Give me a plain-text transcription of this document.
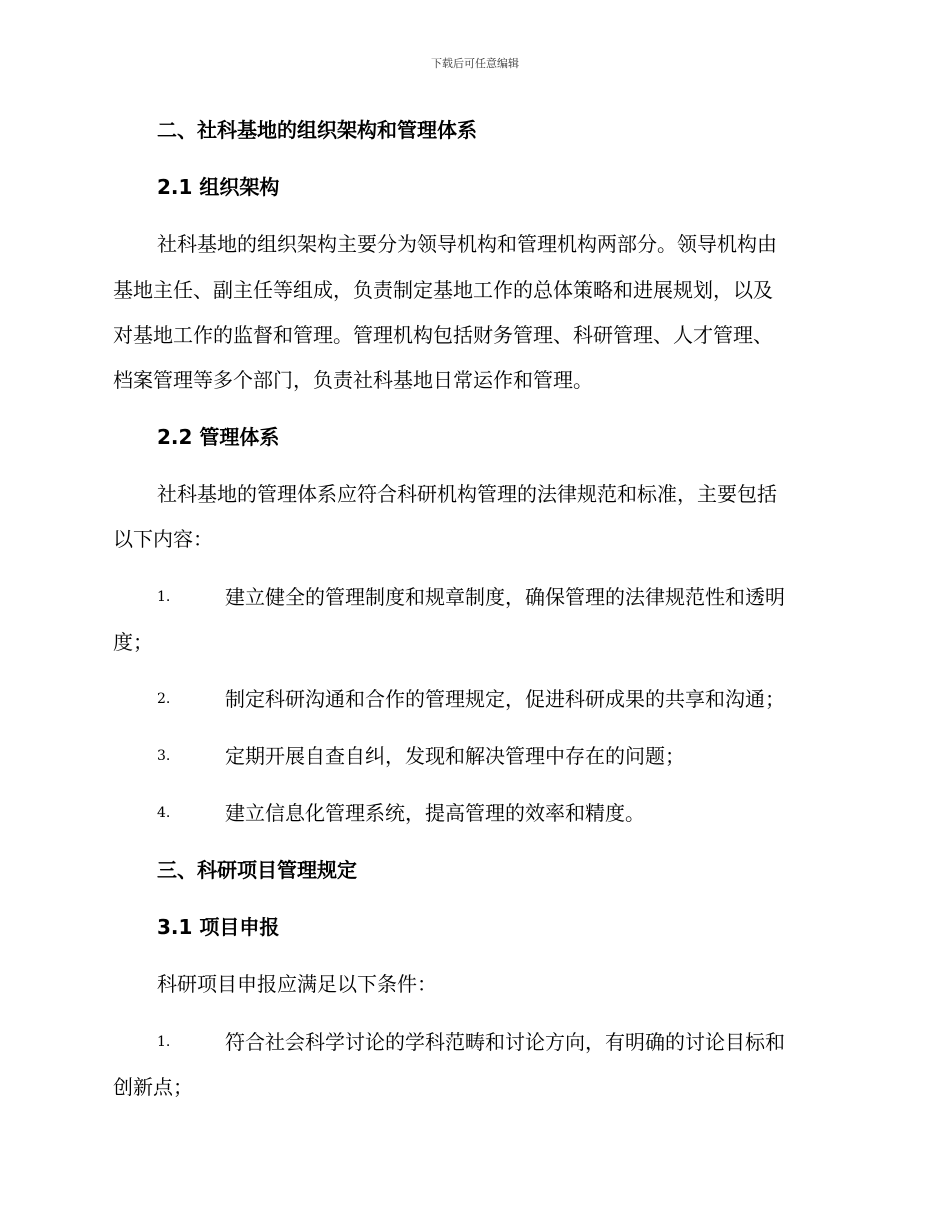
下载后可任意编辑
二、社科基地的组织架构和管理体系
2.1 组织架构
社科基地的组织架构主要分为领导机构和管理机构两部分。领导机构由
基地主任、副主任等组成，负责制定基地工作的总体策略和进展规划，以及
对基地工作的监督和管理。管理机构包括财务管理、科研管理、人才管理、
档案管理等多个部门，负责社科基地日常运作和管理。
2.2 管理体系
社科基地的管理体系应符合科研机构管理的法律规范和标准，主要包括
以下内容：
1.	建立健全的管理制度和规章制度，确保管理的法律规范性和透明
度；
2.	制定科研沟通和合作的管理规定，促进科研成果的共享和沟通；
3.	定期开展自查自纠，发现和解决管理中存在的问题；
4.	建立信息化管理系统，提高管理的效率和精度。
三、科研项目管理规定
3.1 项目申报
科研项目申报应满足以下条件：
1.	符合社会科学讨论的学科范畴和讨论方向，有明确的讨论目标和
创新点；
